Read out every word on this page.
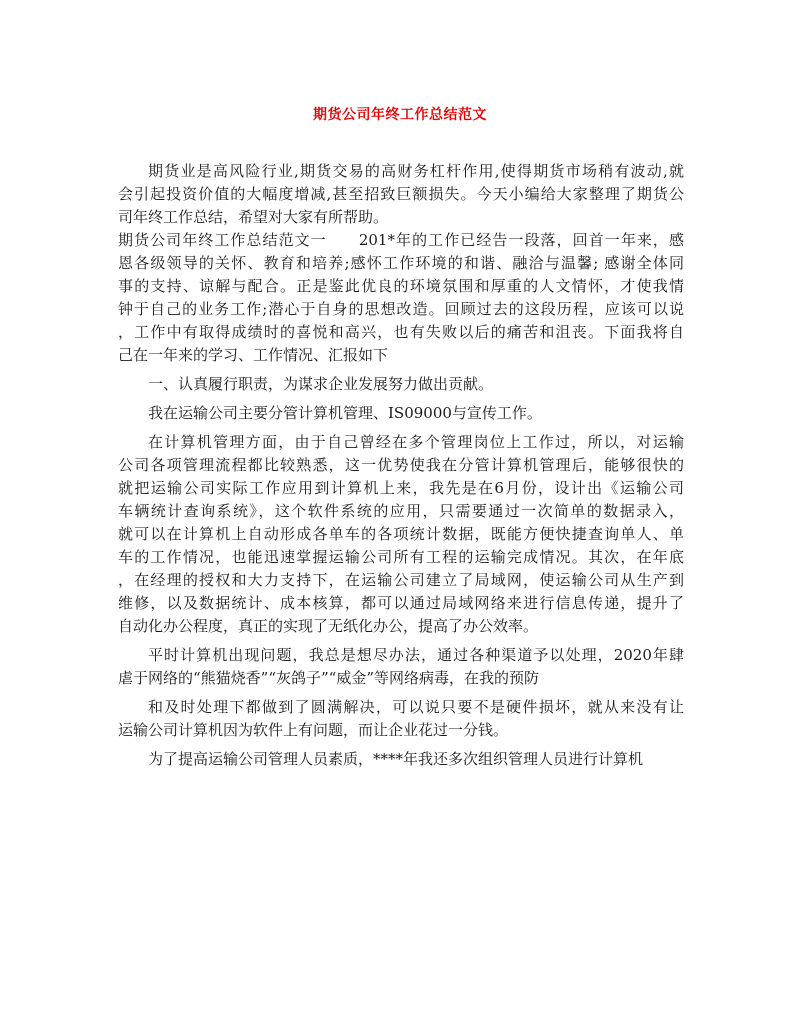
期货公司年终工作总结范文
期货业是高风险行业,期货交易的高财务杠杆作用,使得期货市场稍有波动,就
会引起投资价值的大幅度增减,甚至招致巨额损失。今天小编给大家整理了期货公
司年终工作总结，希望对大家有所帮助。
期货公司年终工作总结范文一　　201*年的工作已经告一段落，回首一年来，感
恩各级领导的关怀、教育和培养;感怀工作环境的和谐、融洽与温馨; 感谢全体同
事的支持、谅解与配合。正是鉴此优良的环境氛围和厚重的人文情怀，才使我情
钟于自己的业务工作;潜心于自身的思想改造。回顾过去的这段历程，应该可以说
，工作中有取得成绩时的喜悦和高兴，也有失败以后的痛苦和沮丧。下面我将自
己在一年来的学习、工作情况、汇报如下
一、认真履行职责，为谋求企业发展努力做出贡献。
我在运输公司主要分管计算机管理、IS09000与宣传工作。
在计算机管理方面，由于自己曾经在多个管理岗位上工作过，所以，对运输
公司各项管理流程都比较熟悉，这一优势使我在分管计算机管理后，能够很快的
就把运输公司实际工作应用到计算机上来，我先是在6月份，设计出《运输公司
车辆统计查询系统》，这个软件系统的应用，只需要通过一次简单的数据录入，
就可以在计算机上自动形成各单车的各项统计数据，既能方便快捷查询单人、单
车的工作情况，也能迅速掌握运输公司所有工程的运输完成情况。其次，在年底
，在经理的授权和大力支持下，在运输公司建立了局域网，使运输公司从生产到
维修，以及数据统计、成本核算，都可以通过局域网络来进行信息传递，提升了
自动化办公程度，真正的实现了无纸化办公，提高了办公效率。
平时计算机出现问题，我总是想尽办法，通过各种渠道予以处理，2020年肆
虐于网络的“熊猫烧香”“灰鸽子”“威金”等网络病毒，在我的预防
和及时处理下都做到了圆满解决，可以说只要不是硬件损坏，就从来没有让
运输公司计算机因为软件上有问题，而让企业花过一分钱。
为了提高运输公司管理人员素质，****年我还多次组织管理人员进行计算机
